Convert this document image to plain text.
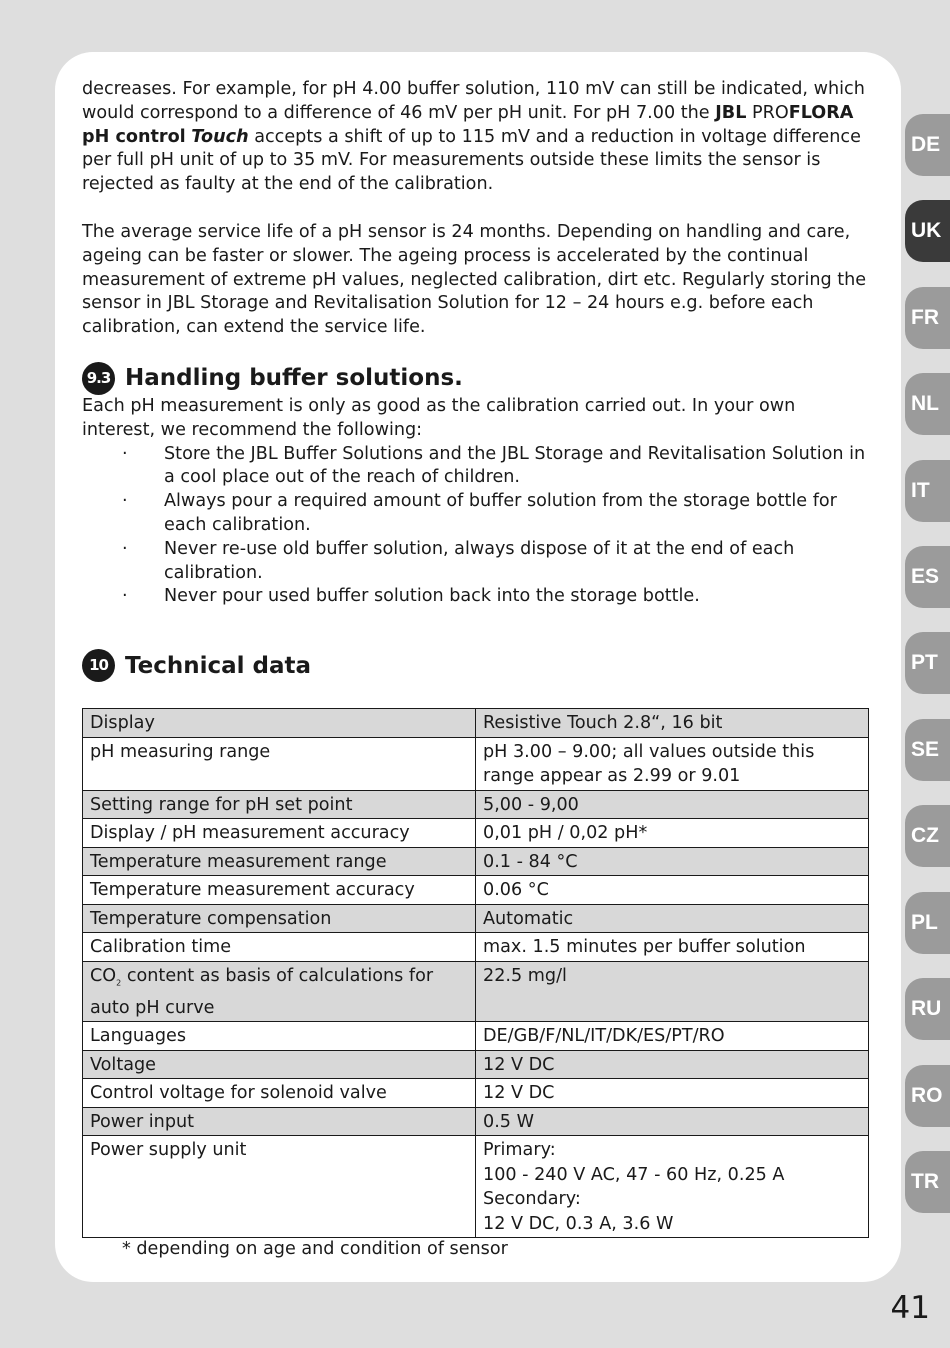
decreases. For example, for pH 4.00 buffer solution, 110 mV can still be indicated, which would correspond to a difference of 46 mV per pH unit. For pH 7.00 the JBL PROFLORA pH control Touch accepts a shift of up to 115 mV and a reduction in voltage difference per full pH unit of up to 35 mV. For measurements outside these limits the sensor is rejected as faulty at the end of the calibration.

The average service life of a pH sensor is 24 months. Depending on handling and care, ageing can be faster or slower. The ageing process is accelerated by the continual measurement of extreme pH values, neglected calibration, dirt etc. Regularly storing the sensor in JBL Storage and Revitalisation Solution for 12 – 24 hours e.g. before each calibration, can extend the service life.

9.3 Handling buffer solutions.

Each pH measurement is only as good as the calibration carried out. In your own interest, we recommend the following:

· Store the JBL Buffer Solutions and the JBL Storage and Revitalisation Solution in a cool place out of the reach of children.
· Always pour a required amount of buffer solution from the storage bottle for each calibration.
· Never re-use old buffer solution, always dispose of it at the end of each calibration.
· Never pour used buffer solution back into the storage bottle.
10 Technical data
Display	Resistive Touch 2.8“, 16 bit
pH measuring range	pH 3.00 – 9.00; all values outside this range appear as 2.99 or 9.01
Setting range for pH set point	5,00 - 9,00
Display / pH measurement accuracy	0,01 pH / 0,02 pH*
Temperature measurement range	0.1 - 84 °C
Temperature measurement accuracy	0.06 °C
Temperature compensation	Automatic
Calibration time	max. 1.5 minutes per buffer solution
$CO_2$ content as basis of calculations for auto pH curve	22.5 mg/l
Languages	DE/GB/F/NL/IT/DK/ES/PT/RO
Voltage	12 V DC
Control voltage for solenoid valve	12 V DC
Power input	0.5 W
Power supply unit	Primary:
100 - 240 V AC, 47 - 60 Hz, 0.25 A
Secondary:
12 V DC, 0.3 A, 3.6 W
* depending on age and condition of sensor
DE
UK
FR
NL
IT
ES
PT
SE
CZ
PL
RU
RO
TR
41
